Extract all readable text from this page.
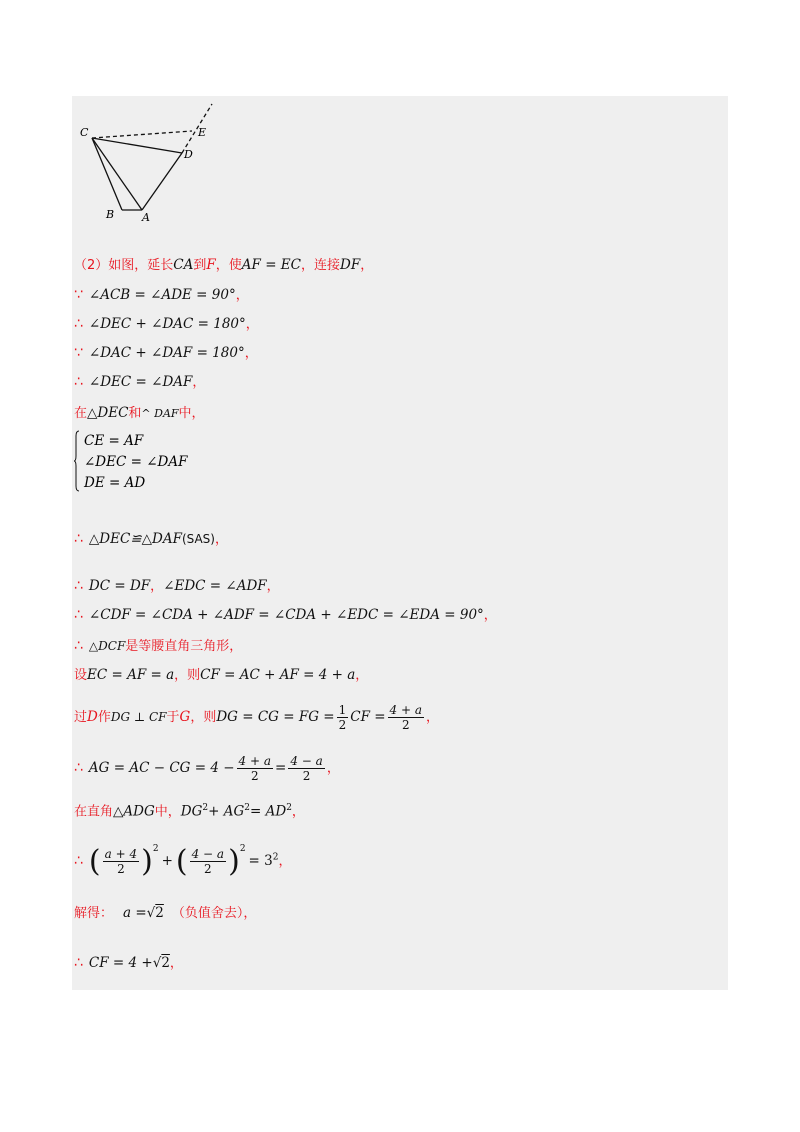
C	E
D
B	A
（2）如图，延长CA到F，使AF = EC，连接DF，
∵ ∠ACB = ∠ADE = 90°，
∴ ∠DEC + ∠DAC = 180°，
∵ ∠DAC + ∠DAF = 180°，
∴ ∠DEC = ∠DAF，
在△DEC和^ DAF中，
CE = AF
∠DEC = ∠DAF
DE = AD
∴ △DEC≌△DAF(SAS)，
∴ DC = DF，∠EDC = ∠ADF，
∴ ∠CDF = ∠CDA + ∠ADF = ∠CDA + ∠EDC = ∠EDA = 90°，
∴ △DCF是等腰直角三角形，
设EC = AF = a，则CF = AC + AF = 4 + a，
过D作DG ⊥ CF于G，则DG = CG = FG = $\frac{1}{2}$ CF = $\frac{4 + a}{2}$ ，
∴ AG = AC − CG = $4 - \frac{4 + a}{2} = \frac{4 - a}{2}$ ，
在直角△ADG中，$DG^2+ AG^2= AD^2$，
∴ ( $\frac{a + 4}{2} )^2+$ ( $\frac{4 - a}{2} )^2= 3^2$，
解得： a =√2 （负值舍去），
∴ CF = 4 +√2，
